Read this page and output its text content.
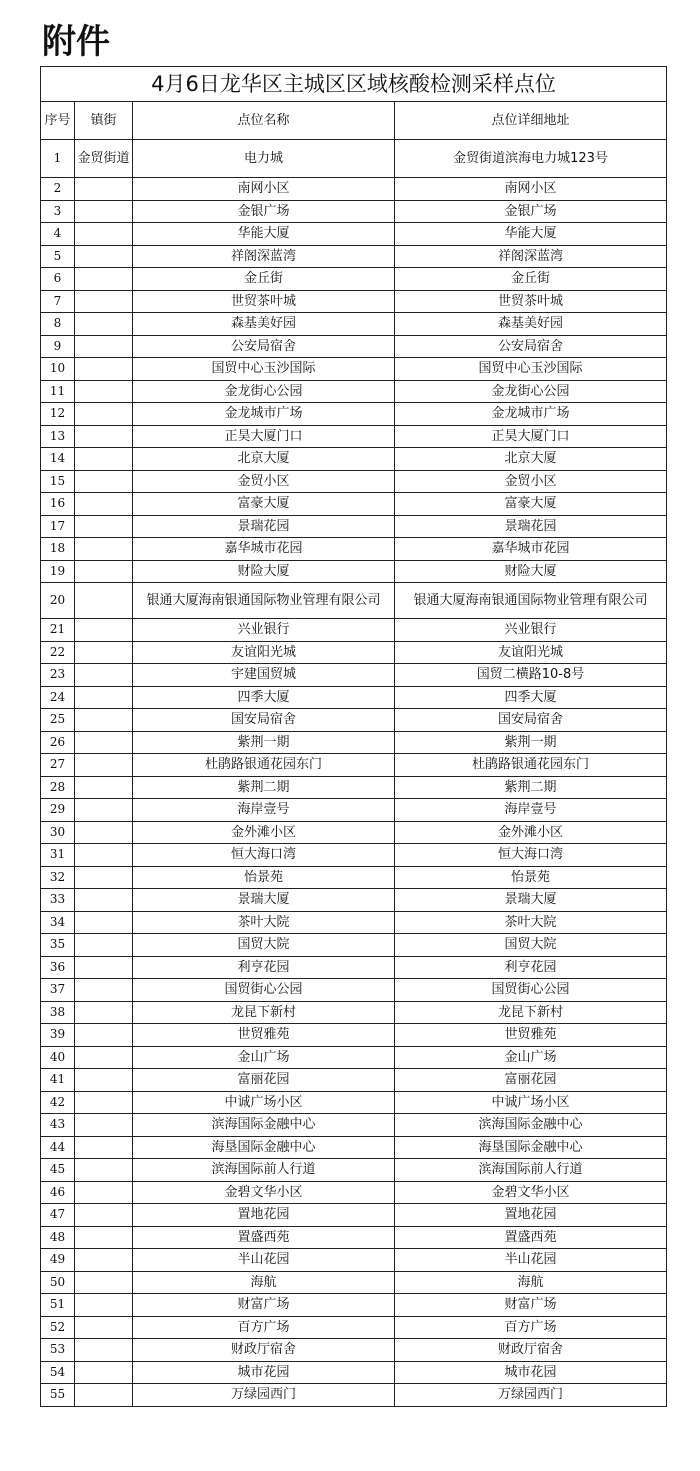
附件
4月6日龙华区主城区区域核酸检测采样点位			
序号	镇街	点位名称	点位详细地址
1	金贸街道	电力城	金贸街道滨海电力城123号
2		南网小区	南网小区
3		金银广场	金银广场
4		华能大厦	华能大厦
5		祥阁深蓝湾	祥阁深蓝湾
6		金丘街	金丘街
7		世贸茶叶城	世贸茶叶城
8		森基美好园	森基美好园
9		公安局宿舍	公安局宿舍
10		国贸中心玉沙国际	国贸中心玉沙国际
11		金龙街心公园	金龙街心公园
12		金龙城市广场	金龙城市广场
13		正昊大厦门口	正昊大厦门口
14		北京大厦	北京大厦
15		金贸小区	金贸小区
16		富豪大厦	富豪大厦
17		景瑞花园	景瑞花园
18		嘉华城市花园	嘉华城市花园
19		财险大厦	财险大厦
20		银通大厦海南银通国际物业管理有限公司	银通大厦海南银通国际物业管理有限公司
21		兴业银行	兴业银行
22		友谊阳光城	友谊阳光城
23		宇建国贸城	国贸二横路10-8号
24		四季大厦	四季大厦
25		国安局宿舍	国安局宿舍
26		紫荆一期	紫荆一期
27		杜鹃路银通花园东门	杜鹃路银通花园东门
28		紫荆二期	紫荆二期
29		海岸壹号	海岸壹号
30		金外滩小区	金外滩小区
31		恒大海口湾	恒大海口湾
32		怡景苑	怡景苑
33		景瑞大厦	景瑞大厦
34		茶叶大院	茶叶大院
35		国贸大院	国贸大院
36		利亨花园	利亨花园
37		国贸街心公园	国贸街心公园
38		龙昆下新村	龙昆下新村
39		世贸雅苑	世贸雅苑
40		金山广场	金山广场
41		富丽花园	富丽花园
42		中诚广场小区	中诚广场小区
43		滨海国际金融中心	滨海国际金融中心
44		海垦国际金融中心	海垦国际金融中心
45		滨海国际前人行道	滨海国际前人行道
46		金碧文华小区	金碧文华小区
47		置地花园	置地花园
48		置盛西苑	置盛西苑
49		半山花园	半山花园
50		海航	海航
51		财富广场	财富广场
52		百方广场	百方广场
53		财政厅宿舍	财政厅宿舍
54		城市花园	城市花园
55		万绿园西门	万绿园西门
